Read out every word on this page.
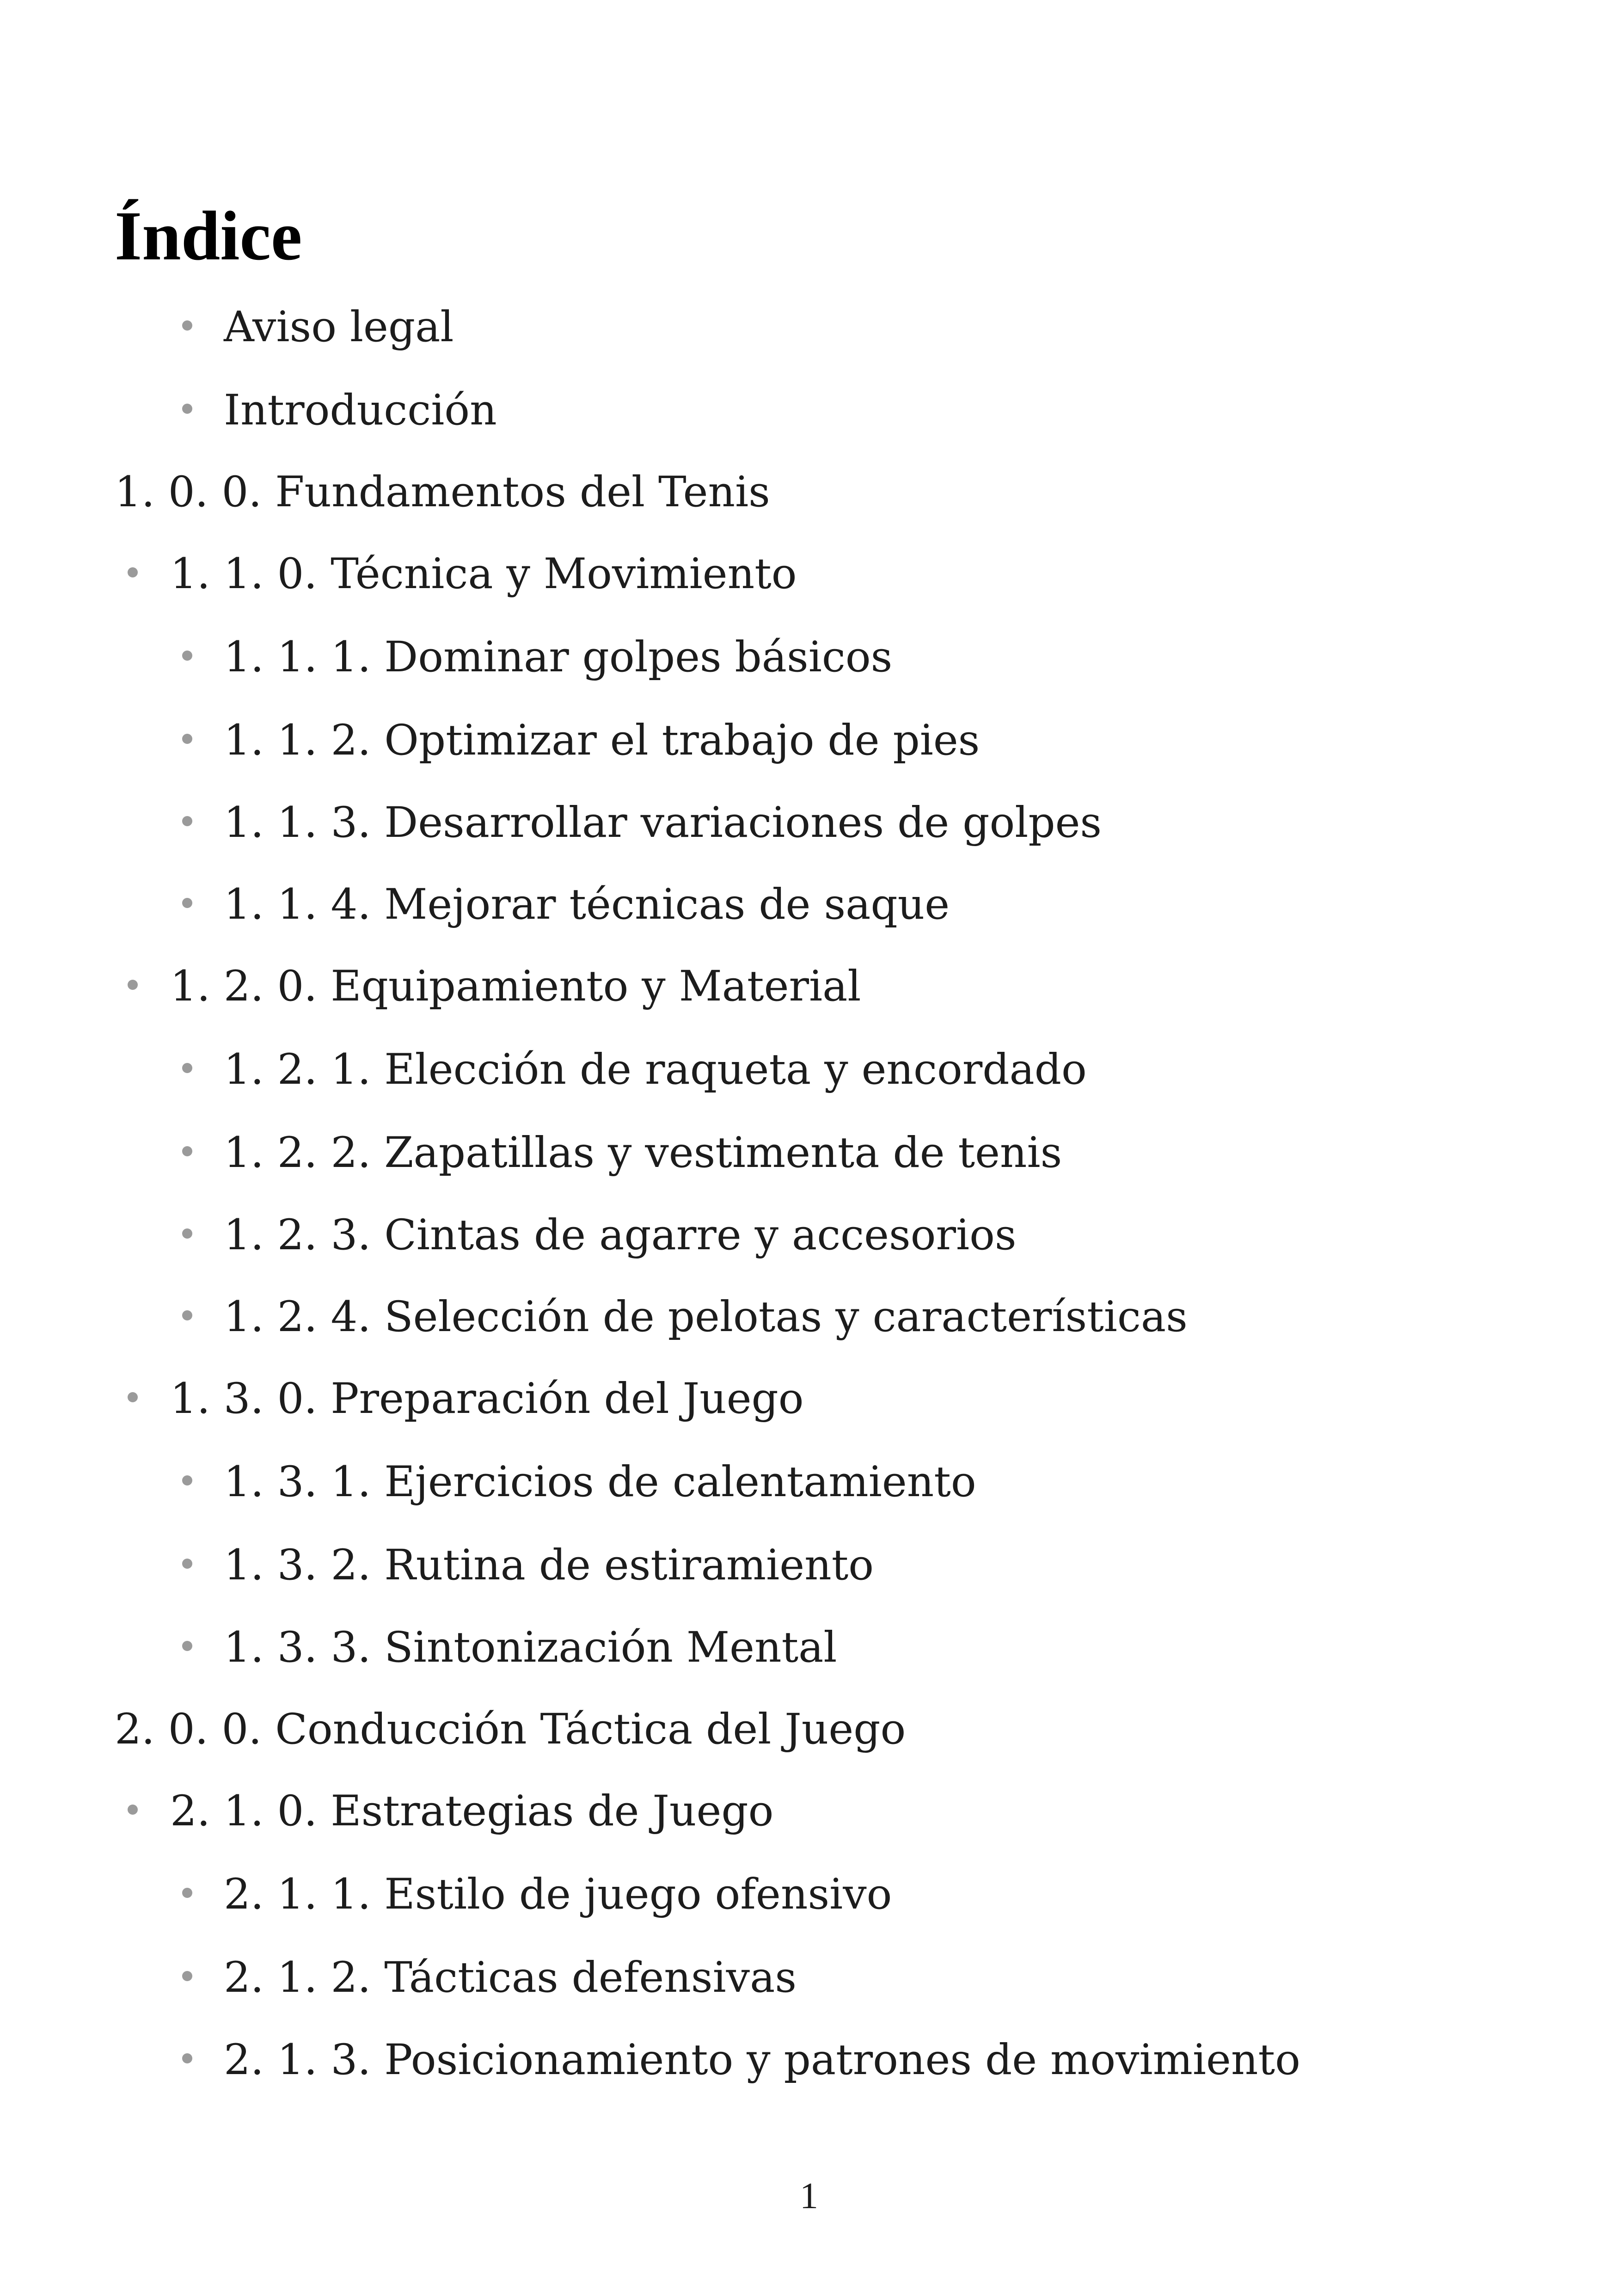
Índice
Aviso legal
Introducción
1. 0. 0. Fundamentos del Tenis
1. 1. 0. Técnica y Movimiento
1. 1. 1. Dominar golpes básicos
1. 1. 2. Optimizar el trabajo de pies
1. 1. 3. Desarrollar variaciones de golpes
1. 1. 4. Mejorar técnicas de saque
1. 2. 0. Equipamiento y Material
1. 2. 1. Elección de raqueta y encordado
1. 2. 2. Zapatillas y vestimenta de tenis
1. 2. 3. Cintas de agarre y accesorios
1. 2. 4. Selección de pelotas y características
1. 3. 0. Preparación del Juego
1. 3. 1. Ejercicios de calentamiento
1. 3. 2. Rutina de estiramiento
1. 3. 3. Sintonización Mental
2. 0. 0. Conducción Táctica del Juego
2. 1. 0. Estrategias de Juego
2. 1. 1. Estilo de juego ofensivo
2. 1. 2. Tácticas defensivas
2. 1. 3. Posicionamiento y patrones de movimiento
1
